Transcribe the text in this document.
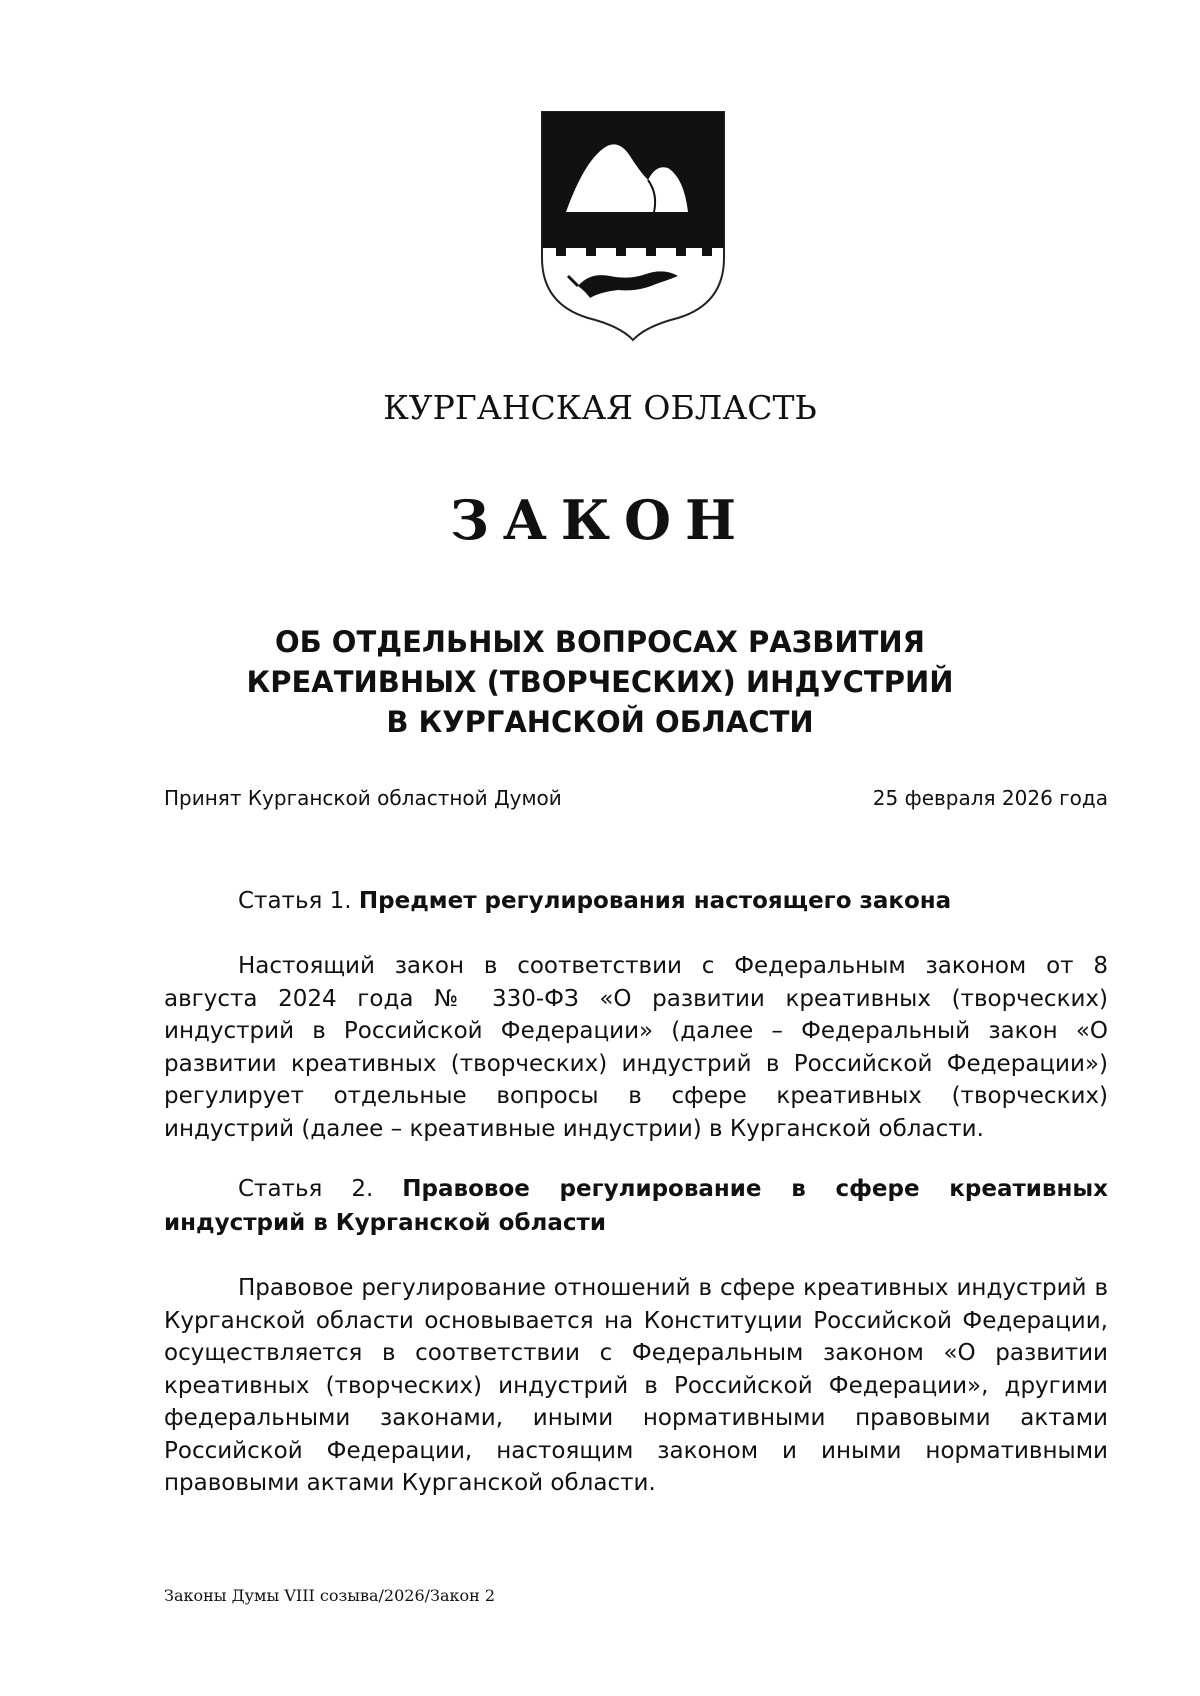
КУРГАНСКАЯ ОБЛАСТЬ
ЗАКОН
ОБ ОТДЕЛЬНЫХ ВОПРОСАХ РАЗВИТИЯ
КРЕАТИВНЫХ (ТВОРЧЕСКИХ) ИНДУСТРИЙ
В КУРГАНСКОЙ ОБЛАСТИ
Принят Курганской областной Думой	25 февраля 2026 года

Статья 1. Предмет регулирования настоящего закона

Настоящий закон в соответствии с Федеральным законом от 8 августа 2024 года № 330-ФЗ «О развитии креативных (творческих) индустрий в Российской Федерации» (далее – Федеральный закон «О развитии креативных (творческих) индустрий в Российской Федерации») регулирует отдельные вопросы в сфере креативных (творческих) индустрий (далее – креативные индустрии) в Курганской области.

Статья 2. Правовое регулирование в сфере креативных индустрий в Курганской области

Правовое регулирование отношений в сфере креативных индустрий в Курганской области основывается на Конституции Российской Федерации, осуществляется в соответствии с Федеральным законом «О развитии креативных (творческих) индустрий в Российской Федерации», другими федеральными законами, иными нормативными правовыми актами Российской Федерации, настоящим законом и иными нормативными правовыми актами Курганской области.

Законы Думы VIII созыва/2026/Закон 2
